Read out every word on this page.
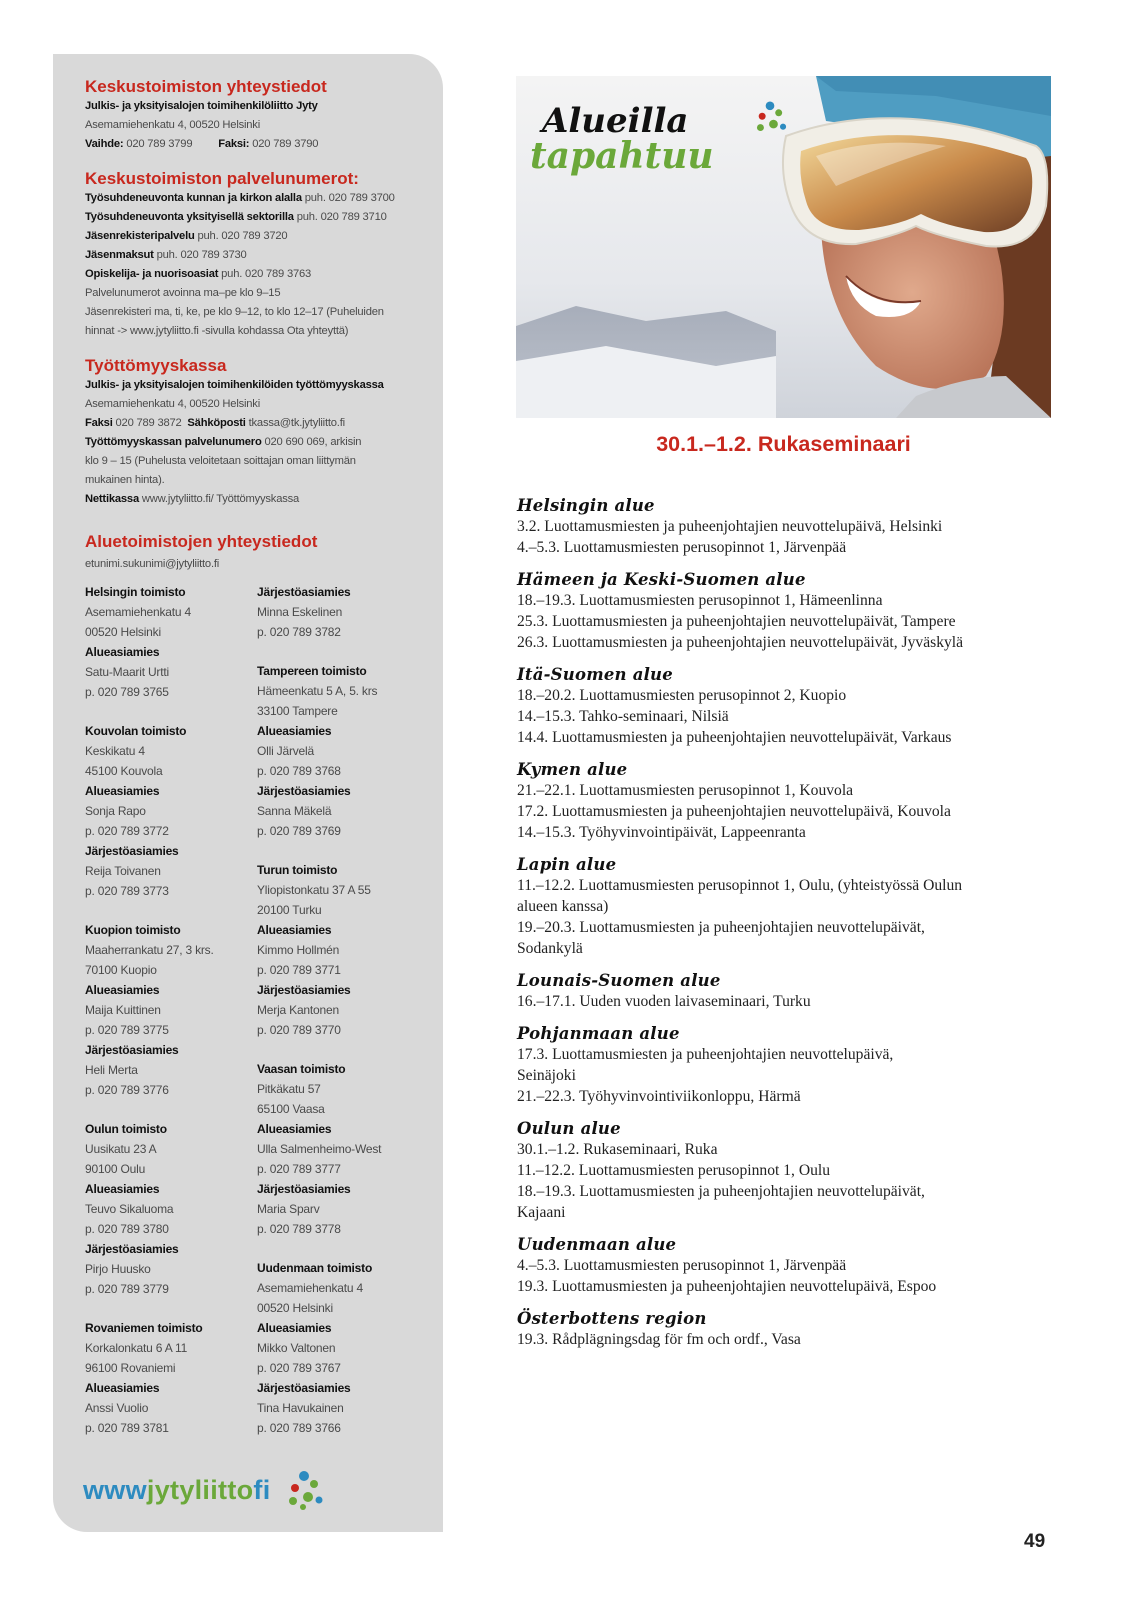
Keskustoimiston yhteystiedot
Julkis- ja yksityisalojen toimihenkilöliitto Jyty
Asemamiehenkatu 4, 00520 Helsinki
Vaihde: 020 789 3799 Faksi: 020 789 3790
Keskustoimiston palvelunumerot:
Työsuhdeneuvonta kunnan ja kirkon alalla puh. 020 789 3700
Työsuhdeneuvonta yksityisellä sektorilla puh. 020 789 3710
Jäsenrekisteripalvelu puh. 020 789 3720
Jäsenmaksut puh. 020 789 3730
Opiskelija- ja nuorisoasiat puh. 020 789 3763
Palvelunumerot avoinna ma–pe klo 9–15
Jäsenrekisteri ma, ti, ke, pe klo 9–12, to klo 12–17 (Puheluiden
hinnat -> www.jytyliitto.fi -sivulla kohdassa Ota yhteyttä)
Työttömyyskassa
Julkis- ja yksityisalojen toimihenkilöiden työttömyyskassa
Asemamiehenkatu 4, 00520 Helsinki
Faksi 020 789 3872 Sähköposti tkassa@tk.jytyliitto.fi
Työttömyyskassan palvelunumero 020 690 069, arkisin
klo 9 – 15 (Puhelusta veloitetaan soittajan oman liittymän
mukainen hinta).
Nettikassa www.jytyliitto.fi/ Työttömyyskassa
Aluetoimistojen yhteystiedot
etunimi.sukunimi@jytyliitto.fi
Helsingin toimisto
Asemamiehenkatu 4
00520 Helsinki
Alueasiamies
Satu-Maarit Urtti
p. 020 789 3765
Kouvolan toimisto
Keskikatu 4
45100 Kouvola
Alueasiamies
Sonja Rapo
p. 020 789 3772
Järjestöasiamies
Reija Toivanen
p. 020 789 3773
Kuopion toimisto
Maaherrankatu 27, 3 krs.
70100 Kuopio
Alueasiamies
Maija Kuittinen
p. 020 789 3775
Järjestöasiamies
Heli Merta
p. 020 789 3776
Oulun toimisto
Uusikatu 23 A
90100 Oulu
Alueasiamies
Teuvo Sikaluoma
p. 020 789 3780
Järjestöasiamies
Pirjo Huusko
p. 020 789 3779
Rovaniemen toimisto
Korkalonkatu 6 A 11
96100 Rovaniemi
Alueasiamies
Anssi Vuolio
p. 020 789 3781
Järjestöasiamies
Minna Eskelinen
p. 020 789 3782
Tampereen toimisto
Hämeenkatu 5 A, 5. krs
33100 Tampere
Alueasiamies
Olli Järvelä
p. 020 789 3768
Järjestöasiamies
Sanna Mäkelä
p. 020 789 3769
Turun toimisto
Yliopistonkatu 37 A 55
20100 Turku
Alueasiamies
Kimmo Hollmén
p. 020 789 3771
Järjestöasiamies
Merja Kantonen
p. 020 789 3770
Vaasan toimisto
Pitkäkatu 57
65100 Vaasa
Alueasiamies
Ulla Salmenheimo-West
p. 020 789 3777
Järjestöasiamies
Maria Sparv
p. 020 789 3778
Uudenmaan toimisto
Asemamiehenkatu 4
00520 Helsinki
Alueasiamies
Mikko Valtonen
p. 020 789 3767
Järjestöasiamies
Tina Havukainen
p. 020 789 3766
wwwjytyliittofi
Alueilla
tapahtuu
30.1.–1.2. Rukaseminaari
Helsingin alue
3.2. Luottamusmiesten ja puheenjohtajien neuvottelupäivä, Helsinki
4.–5.3. Luottamusmiesten perusopinnot 1, Järvenpää
Hämeen ja Keski-Suomen alue
18.–19.3. Luottamusmiesten perusopinnot 1, Hämeenlinna
25.3. Luottamusmiesten ja puheenjohtajien neuvottelupäivät, Tampere
26.3. Luottamusmiesten ja puheenjohtajien neuvottelupäivät, Jyväskylä
Itä-Suomen alue
18.–20.2. Luottamusmiesten perusopinnot 2, Kuopio
14.–15.3. Tahko-seminaari, Nilsiä
14.4. Luottamusmiesten ja puheenjohtajien neuvottelupäivät, Varkaus
Kymen alue
21.–22.1. Luottamusmiesten perusopinnot 1, Kouvola
17.2. Luottamusmiesten ja puheenjohtajien neuvottelupäivä, Kouvola
14.–15.3. Työhyvinvointipäivät, Lappeenranta
Lapin alue
11.–12.2. Luottamusmiesten perusopinnot 1, Oulu, (yhteistyössä Oulun
alueen kanssa)
19.–20.3. Luottamusmiesten ja puheenjohtajien neuvottelupäivät,
Sodankylä
Lounais-Suomen alue
16.–17.1. Uuden vuoden laivaseminaari, Turku
Pohjanmaan alue
17.3. Luottamusmiesten ja puheenjohtajien neuvottelupäivä,
Seinäjoki
21.–22.3. Työhyvinvointiviikonloppu, Härmä
Oulun alue
30.1.–1.2. Rukaseminaari, Ruka
11.–12.2. Luottamusmiesten perusopinnot 1, Oulu
18.–19.3. Luottamusmiesten ja puheenjohtajien neuvottelupäivät,
Kajaani
Uudenmaan alue
4.–5.3. Luottamusmiesten perusopinnot 1, Järvenpää
19.3. Luottamusmiesten ja puheenjohtajien neuvottelupäivä, Espoo
Österbottens region
19.3. Rådplägningsdag för fm och ordf., Vasa
49
